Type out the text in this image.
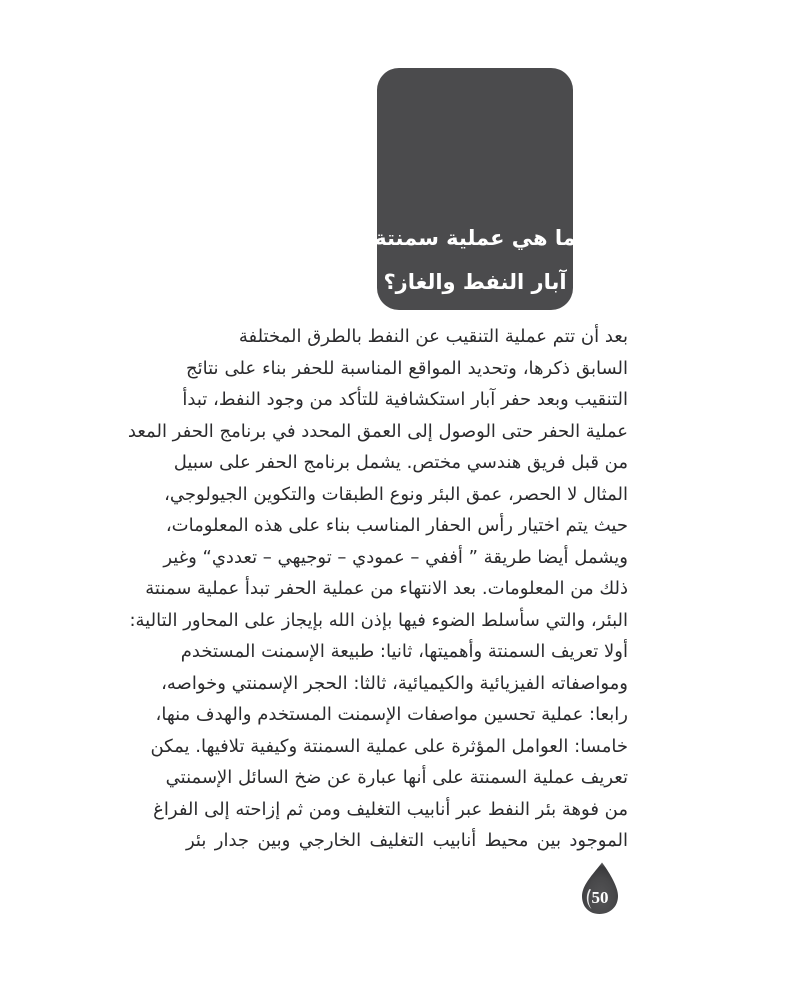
ما هي عملية سمنتة
آبار النفط والغاز؟
بعد أن تتم عملية التنقيب عن النفط بالطرق المختلفة
السابق ذكرها، وتحديد المواقع المناسبة للحفر بناء على نتائج
التنقيب وبعد حفر آبار استكشافية للتأكد من وجود النفط، تبدأ
عملية الحفر حتى الوصول إلى العمق المحدد في برنامج الحفر المعد
من قبل فريق هندسي مختص. يشمل برنامج الحفر على سبيل
المثال لا الحصر، عمق البئر ونوع الطبقات والتكوين الجيولوجي،
حيث يتم اختيار رأس الحفار المناسب بناء على هذه المعلومات،
ويشمل أيضا طريقة ” أففي – عمودي – توجيهي – تعددي“ وغير
ذلك من المعلومات. بعد الانتهاء من عملية الحفر تبدأ عملية سمنتة
البئر، والتي سأسلط الضوء فيها بإذن الله بإيجاز على المحاور التالية:
أولا تعريف السمنتة وأهميتها، ثانيا: طبيعة الإسمنت المستخدم
ومواصفاته الفيزيائية والكيميائية، ثالثا: الحجر الإسمنتي وخواصه،
رابعا: عملية تحسين مواصفات الإسمنت المستخدم والهدف منها،
خامسا: العوامل المؤثرة على عملية السمنتة وكيفية تلافيها. يمكن
تعريف عملية السمنتة على أنها عبارة عن ضخ السائل الإسمنتي
من فوهة بئر النفط عبر أنابيب التغليف ومن ثم إزاحته إلى الفراغ
الموجود بين محيط أنابيب التغليف الخارجي وبين جدار بئر
50
